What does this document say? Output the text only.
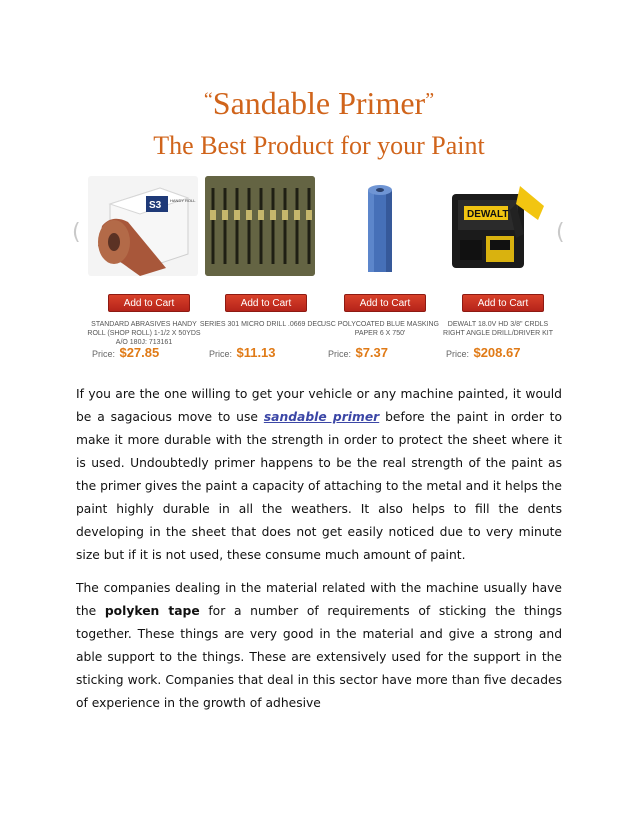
“Sandable Primer”
The Best Product for your Paint
(	(
S3 HANDY ROLL
Add to Cart
STANDARD ABRASIVES HANDY ROLL (SHOP ROLL) 1-1/2 X 50YDS A/O 180J: 713161
Price: $27.85
Add to Cart
SERIES 301 MICRO DRILL .0669 DEC
Price: $11.13
Add to Cart
USC POLYCOATED BLUE MASKING PAPER 6 X 750'
Price: $7.37
DEWALT
Add to Cart
DEWALT 18.0V HD 3/8" CRDLS RIGHT ANGLE DRILL/DRIVER KIT
Price: $208.67

If you are the one willing to get your vehicle or any machine painted, it would be a sagacious move to use sandable primer before the paint in order to make it more durable with the strength in order to protect the sheet where it is used. Undoubtedly primer happens to be the real strength of the paint as the primer gives the paint a capacity of attaching to the metal and it helps the paint highly durable in all the weathers. It also helps to fill the dents developing in the sheet that does not get easily noticed due to very minute size but if it is not used, these consume much amount of paint.

The companies dealing in the material related with the machine usually have the polyken tape for a number of requirements of sticking the things together. These things are very good in the material and give a strong and able support to the things. These are extensively used for the support in the sticking work. Companies that deal in this sector have more than five decades of experience in the growth of adhesive
